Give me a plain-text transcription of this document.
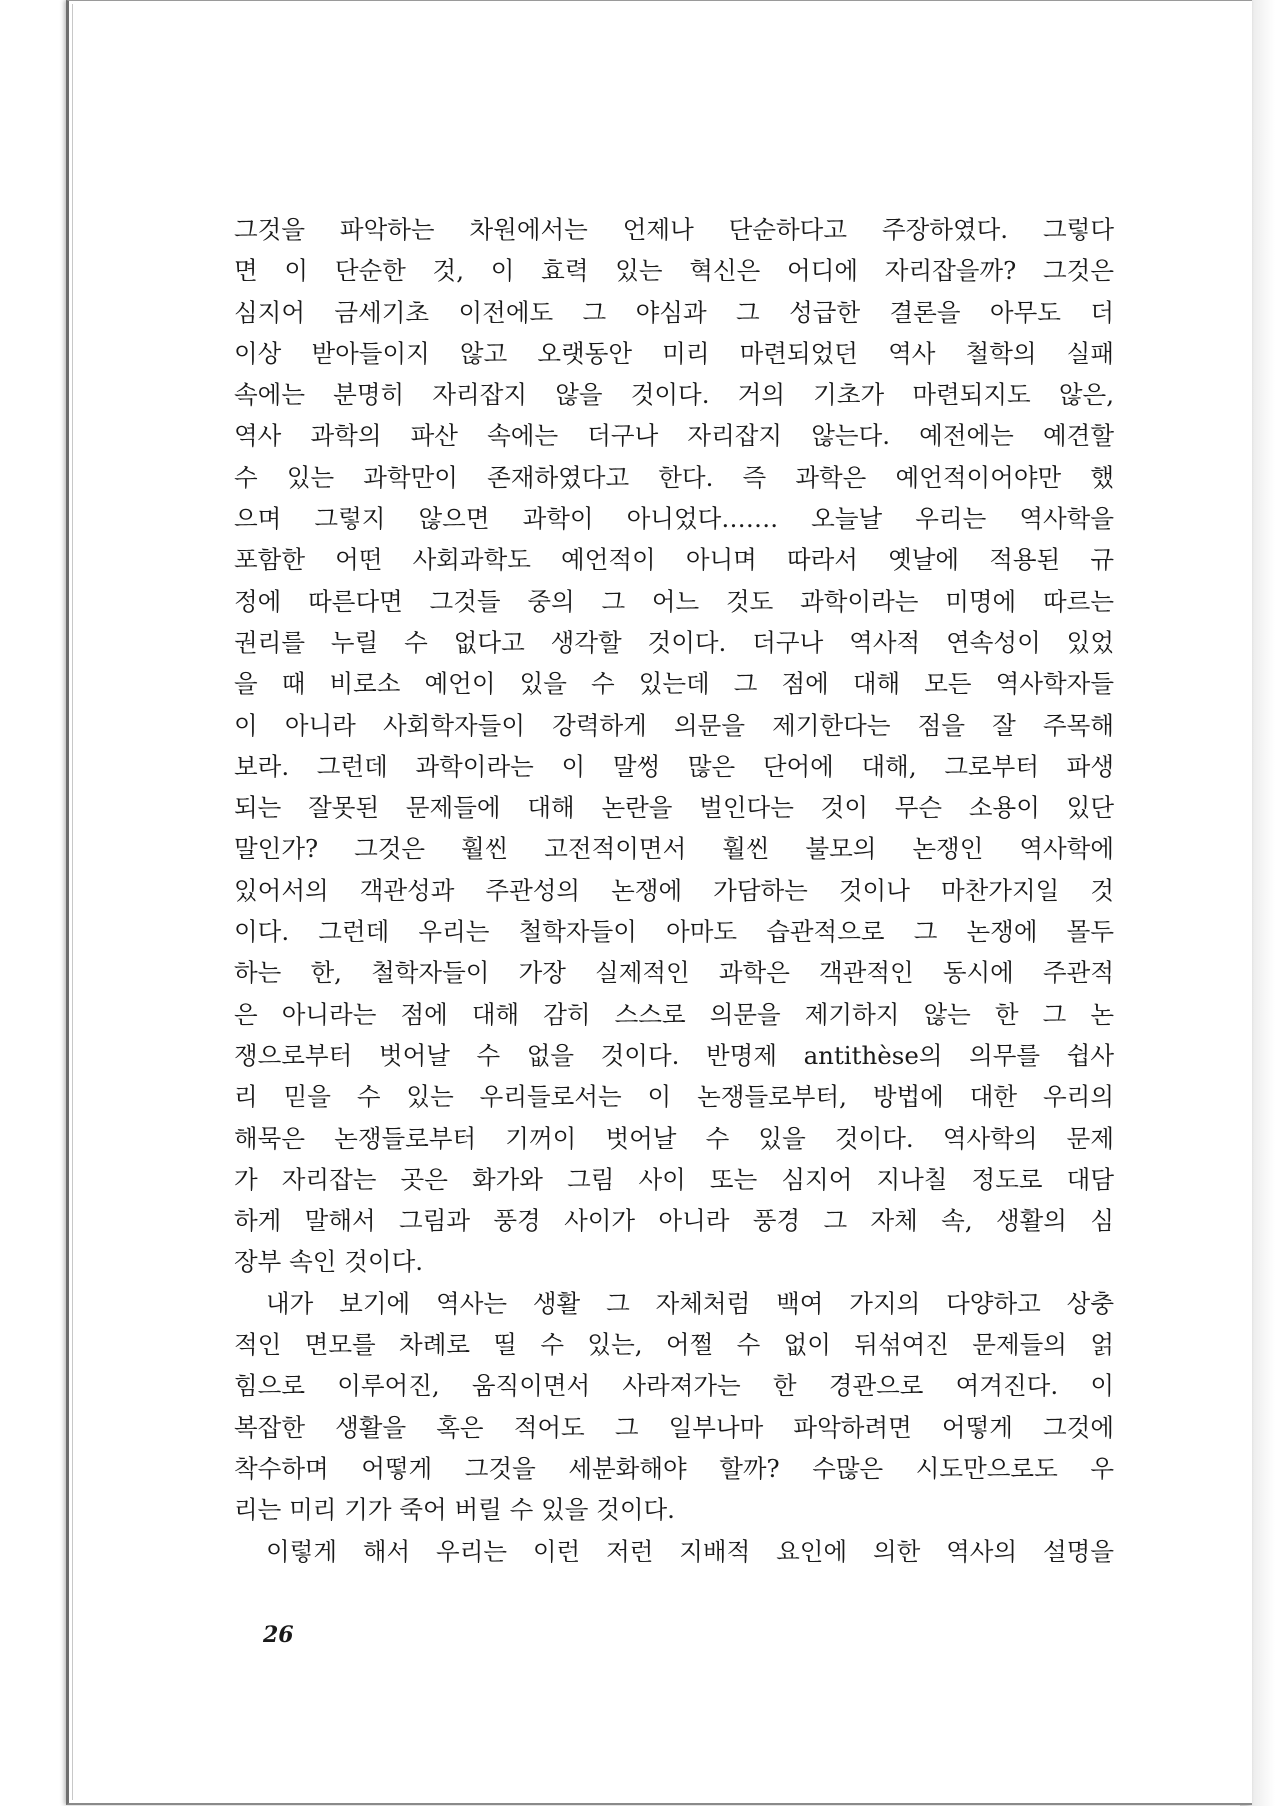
그것을 파악하는 차원에서는 언제나 단순하다고 주장하였다. 그렇다
면 이 단순한 것, 이 효력 있는 혁신은 어디에 자리잡을까? 그것은
심지어 금세기초 이전에도 그 야심과 그 성급한 결론을 아무도 더
이상 받아들이지 않고 오랫동안 미리 마련되었던 역사 철학의 실패
속에는 분명히 자리잡지 않을 것이다. 거의 기초가 마련되지도 않은,
역사 과학의 파산 속에는 더구나 자리잡지 않는다. 예전에는 예견할
수 있는 과학만이 존재하였다고 한다. 즉 과학은 예언적이어야만 했
으며 그렇지 않으면 과학이 아니었다……. 오늘날 우리는 역사학을
포함한 어떤 사회과학도 예언적이 아니며 따라서 옛날에 적용된 규
정에 따른다면 그것들 중의 그 어느 것도 과학이라는 미명에 따르는
권리를 누릴 수 없다고 생각할 것이다. 더구나 역사적 연속성이 있었
을 때 비로소 예언이 있을 수 있는데 그 점에 대해 모든 역사학자들
이 아니라 사회학자들이 강력하게 의문을 제기한다는 점을 잘 주목해
보라. 그런데 과학이라는 이 말썽 많은 단어에 대해, 그로부터 파생
되는 잘못된 문제들에 대해 논란을 벌인다는 것이 무슨 소용이 있단
말인가? 그것은 훨씬 고전적이면서 훨씬 불모의 논쟁인 역사학에
있어서의 객관성과 주관성의 논쟁에 가담하는 것이나 마찬가지일 것
이다. 그런데 우리는 철학자들이 아마도 습관적으로 그 논쟁에 몰두
하는 한, 철학자들이 가장 실제적인 과학은 객관적인 동시에 주관적
은 아니라는 점에 대해 감히 스스로 의문을 제기하지 않는 한 그 논
쟁으로부터 벗어날 수 없을 것이다. 반명제 antithèse의 의무를 쉽사
리 믿을 수 있는 우리들로서는 이 논쟁들로부터, 방법에 대한 우리의
해묵은 논쟁들로부터 기꺼이 벗어날 수 있을 것이다. 역사학의 문제
가 자리잡는 곳은 화가와 그림 사이 또는 심지어 지나칠 정도로 대담
하게 말해서 그림과 풍경 사이가 아니라 풍경 그 자체 속, 생활의 심
장부 속인 것이다.
내가 보기에 역사는 생활 그 자체처럼 백여 가지의 다양하고 상충
적인 면모를 차례로 띨 수 있는, 어쩔 수 없이 뒤섞여진 문제들의 얽
힘으로 이루어진, 움직이면서 사라져가는 한 경관으로 여겨진다. 이
복잡한 생활을 혹은 적어도 그 일부나마 파악하려면 어떻게 그것에
착수하며 어떻게 그것을 세분화해야 할까? 수많은 시도만으로도 우
리는 미리 기가 죽어 버릴 수 있을 것이다.
이렇게 해서 우리는 이런 저런 지배적 요인에 의한 역사의 설명을
26
